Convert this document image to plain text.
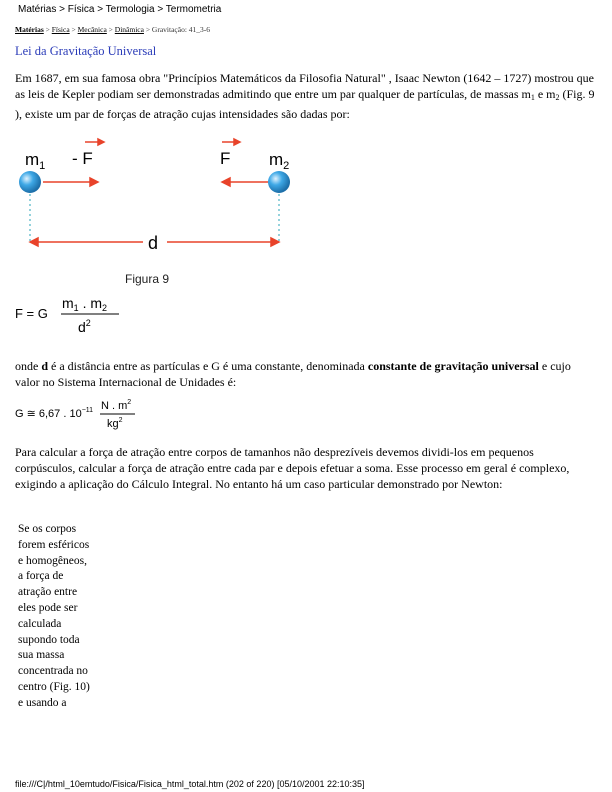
Matérias > Física > Termologia > Termometria
Matérias > Física > Mecânica > Dinâmica > Gravitação: 41_3-6
Lei da Gravitação Universal
Em 1687, em sua famosa obra "Princípios Matemáticos da Filosofia Natural" , Isaac Newton (1642 – 1727) mostrou que as leis de Kepler podiam ser demonstradas admitindo que entre um par qualquer de partículas, de massas $m_1$ e $m_2$ (Fig. 9 ), existe um par de forças de atração cujas intensidades são dadas por:
$m_1$ - F	F $m_2$
d
Figura 9
F = G
$m_1$ . $m_2$
$d^2$
onde d é a distância entre as partículas e G é uma constante, denominada constante de gravitação universal e cujo valor no Sistema Internacional de Unidades é:
G ≅ 6,67 . $10^{-11}$ N . $m^2$
$kg^2$
Para calcular a força de atração entre corpos de tamanhos não desprezíveis devemos dividi-los em pequenos corpúsculos, calcular a força de atração entre cada par e depois efetuar a soma. Esse processo em geral é complexo, exigindo a aplicação do Cálculo Integral. No entanto há um caso particular demonstrado por Newton:
Se os corpos forem esféricos e homogêneos, a força de atração entre eles pode ser calculada supondo toda sua massa concentrada no centro (Fig. 10) e usando a
file:///C|/html_10emtudo/Fisica/Fisica_html_total.htm (202 of 220) [05/10/2001 22:10:35]
